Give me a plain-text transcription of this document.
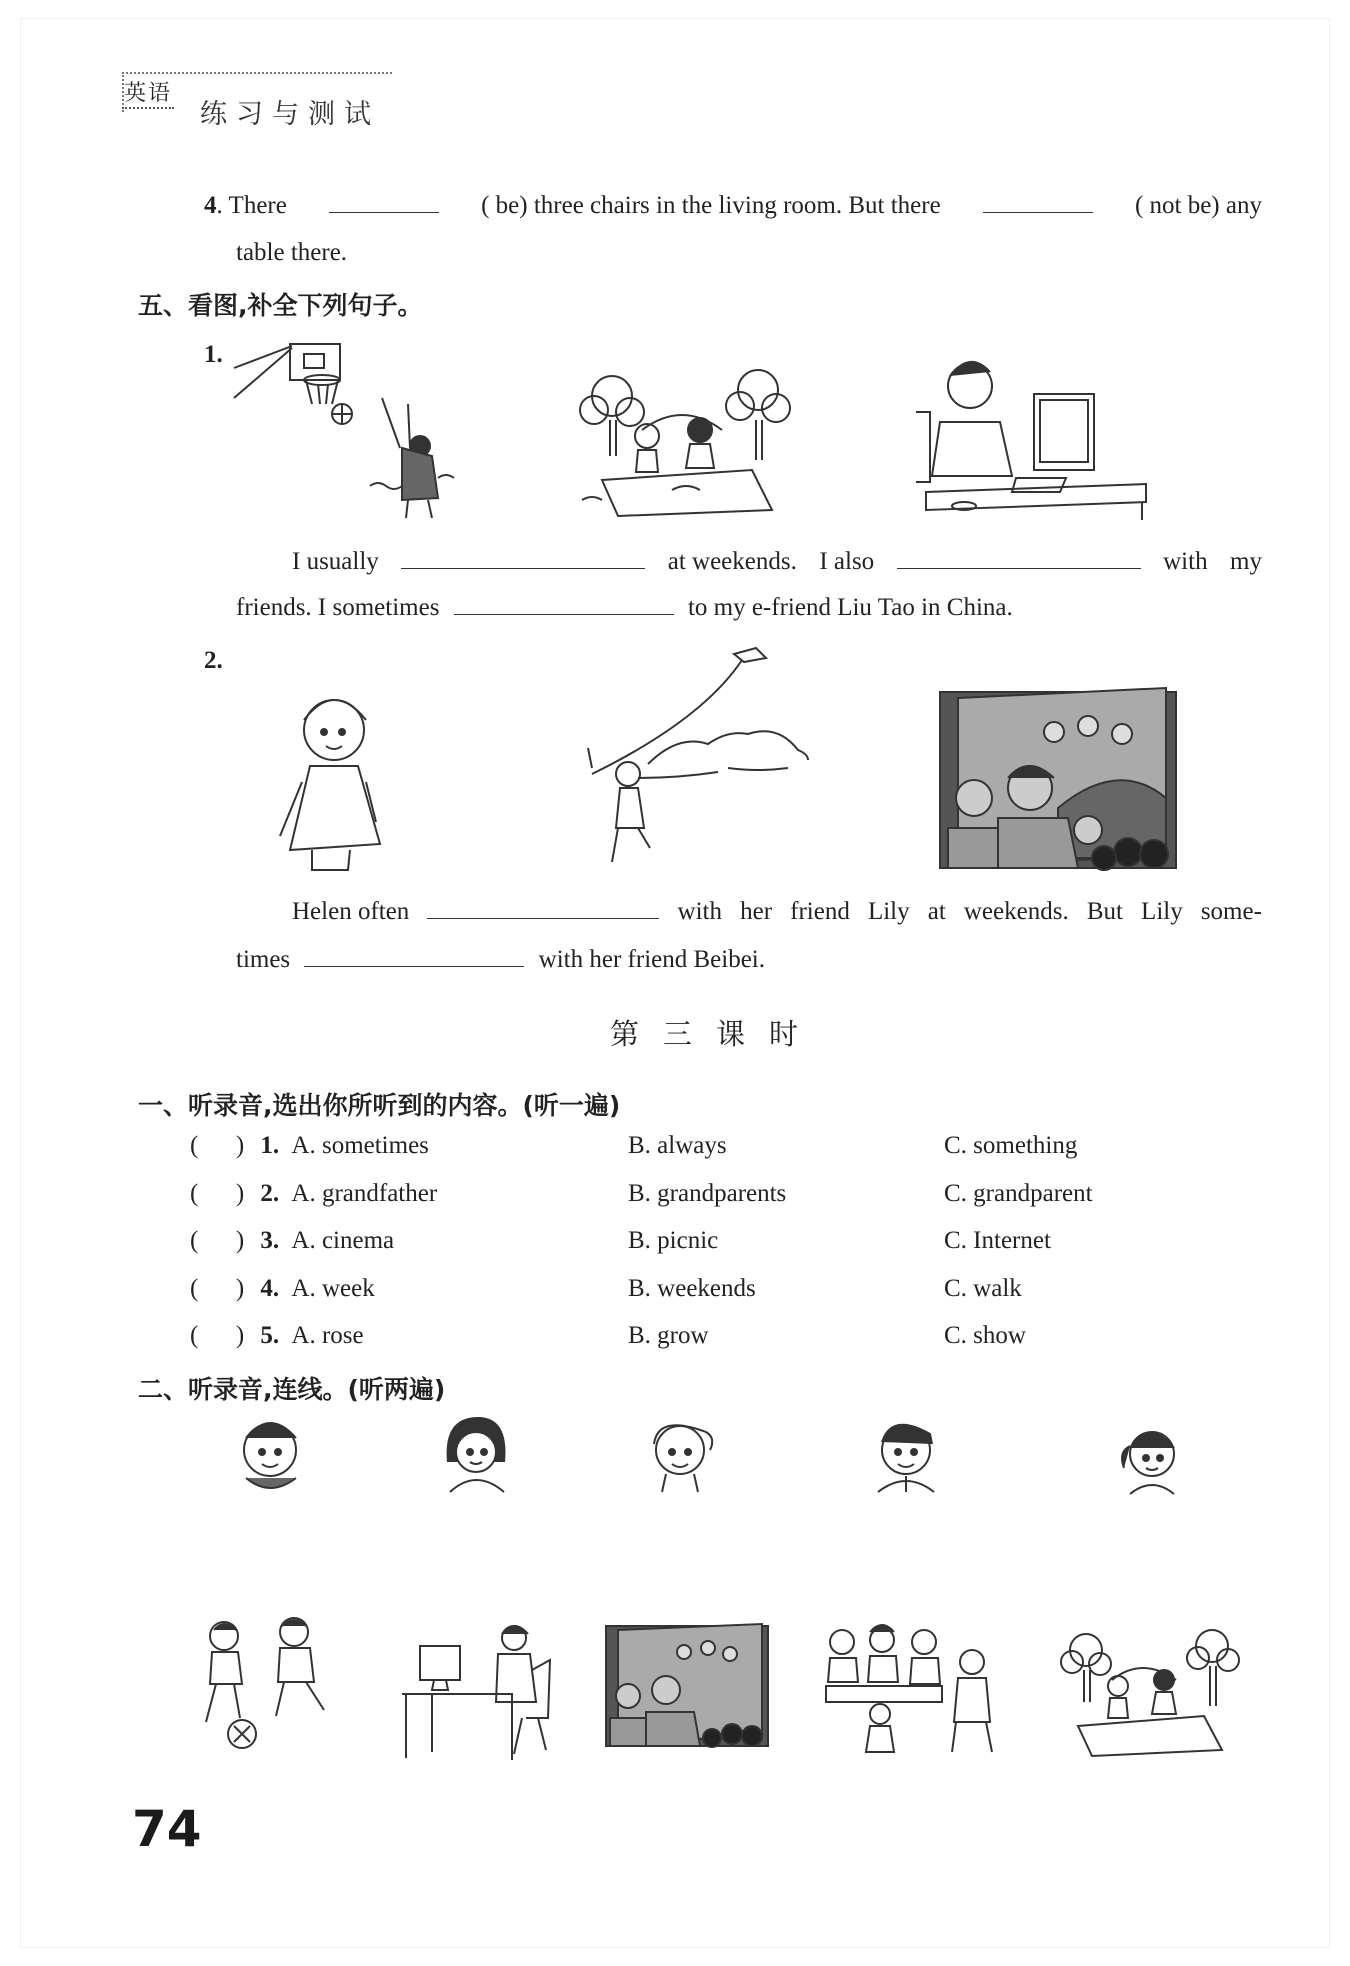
英语
练习与测试
4. There	( be) three chairs in the living room. But there	( not be) any
table there.
五、看图,补全下列句子。
1.
I usually	at weekends. I also	with my
friends. I sometimes	to my e-friend Liu Tao in China.
2.
Helen often	with her friend Lily at weekends. But Lily some-
times	with her friend Beibei.
第三课时
一、听录音,选出你所听到的内容。(听一遍)
(      ) 1. A. sometimes	B. always	C. something
(      ) 2. A. grandfather	B. grandparents	C. grandparent
(      ) 3. A. cinema	B. picnic	C. Internet
(      ) 4. A. week	B. weekends	C. walk
(      ) 5. A. rose	B. grow	C. show
二、听录音,连线。(听两遍)
74
